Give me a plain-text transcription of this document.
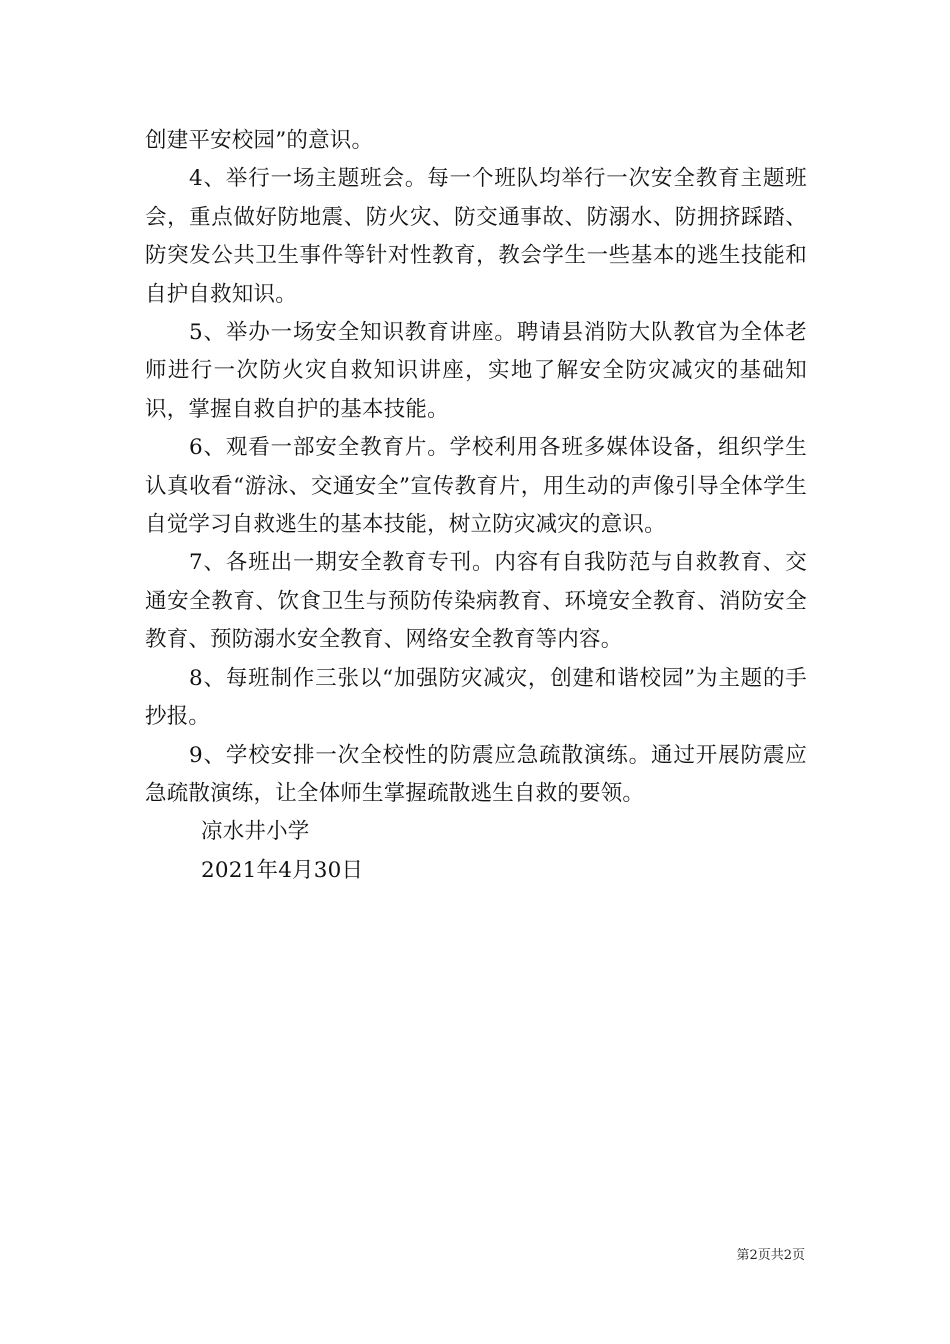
创建平安校园”的意识。

4、举行一场主题班会。每一个班队均举行一次安全教育主题班会，重点做好防地震、防火灾、防交通事故、防溺水、防拥挤踩踏、防突发公共卫生事件等针对性教育，教会学生一些基本的逃生技能和自护自救知识。

5、举办一场安全知识教育讲座。聘请县消防大队教官为全体老师进行一次防火灾自救知识讲座，实地了解安全防灾减灾的基础知识，掌握自救自护的基本技能。

6、观看一部安全教育片。学校利用各班多媒体设备，组织学生认真收看“游泳、交通安全”宣传教育片，用生动的声像引导全体学生自觉学习自救逃生的基本技能，树立防灾减灾的意识。

7、各班出一期安全教育专刊。内容有自我防范与自救教育、交通安全教育、饮食卫生与预防传染病教育、环境安全教育、消防安全教育、预防溺水安全教育、网络安全教育等内容。

8、每班制作三张以“加强防灾减灾，创建和谐校园”为主题的手抄报。

9、学校安排一次全校性的防震应急疏散演练。通过开展防震应急疏散演练，让全体师生掌握疏散逃生自救的要领。

凉水井小学

2021年4月30日

第2页共2页
